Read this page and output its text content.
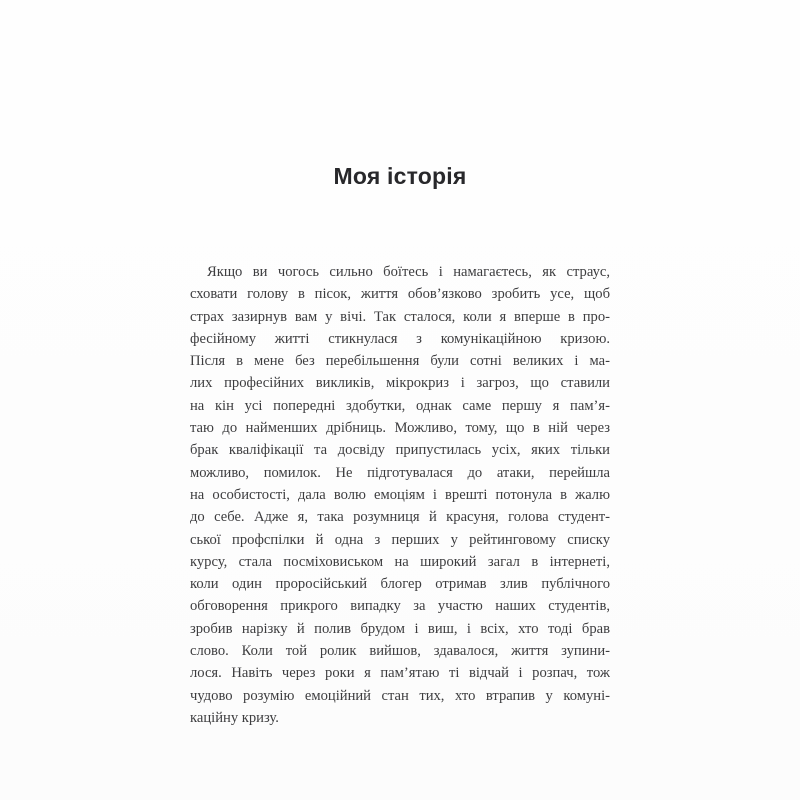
Моя історія
Якщо ви чогось сильно боїтесь і намагаєтесь, як страус,
сховати голову в пісок, життя обов’язково зробить усе, щоб
страх зазирнув вам у вічі. Так сталося, коли я вперше в про-
фесійному житті стикнулася з комунікаційною кризою.
Після в мене без перебільшення були сотні великих і ма-
лих професійних викликів, мікрокриз і загроз, що ставили
на кін усі попередні здобутки, однак саме першу я пам’я-
таю до найменших дрібниць. Можливо, тому, що в ній через
брак кваліфікації та досвіду припустилась усіх, яких тільки
можливо, помилок. Не підготувалася до атаки, перейшла
на особистості, дала волю емоціям і врешті потонула в жалю
до себе. Адже я, така розумниця й красуня, голова студент-
ської профспілки й одна з перших у рейтинговому списку
курсу, стала посміховиськом на широкий загал в інтернеті,
коли один проросійський блогер отримав злив публічного
обговорення прикрого випадку за участю наших студентів,
зробив нарізку й полив брудом і виш, і всіх, хто тоді брав
слово. Коли той ролик вийшов, здавалося, життя зупини-
лося. Навіть через роки я пам’ятаю ті відчай і розпач, тож
чудово розумію емоційний стан тих, хто втрапив у комуні-
каційну кризу.
